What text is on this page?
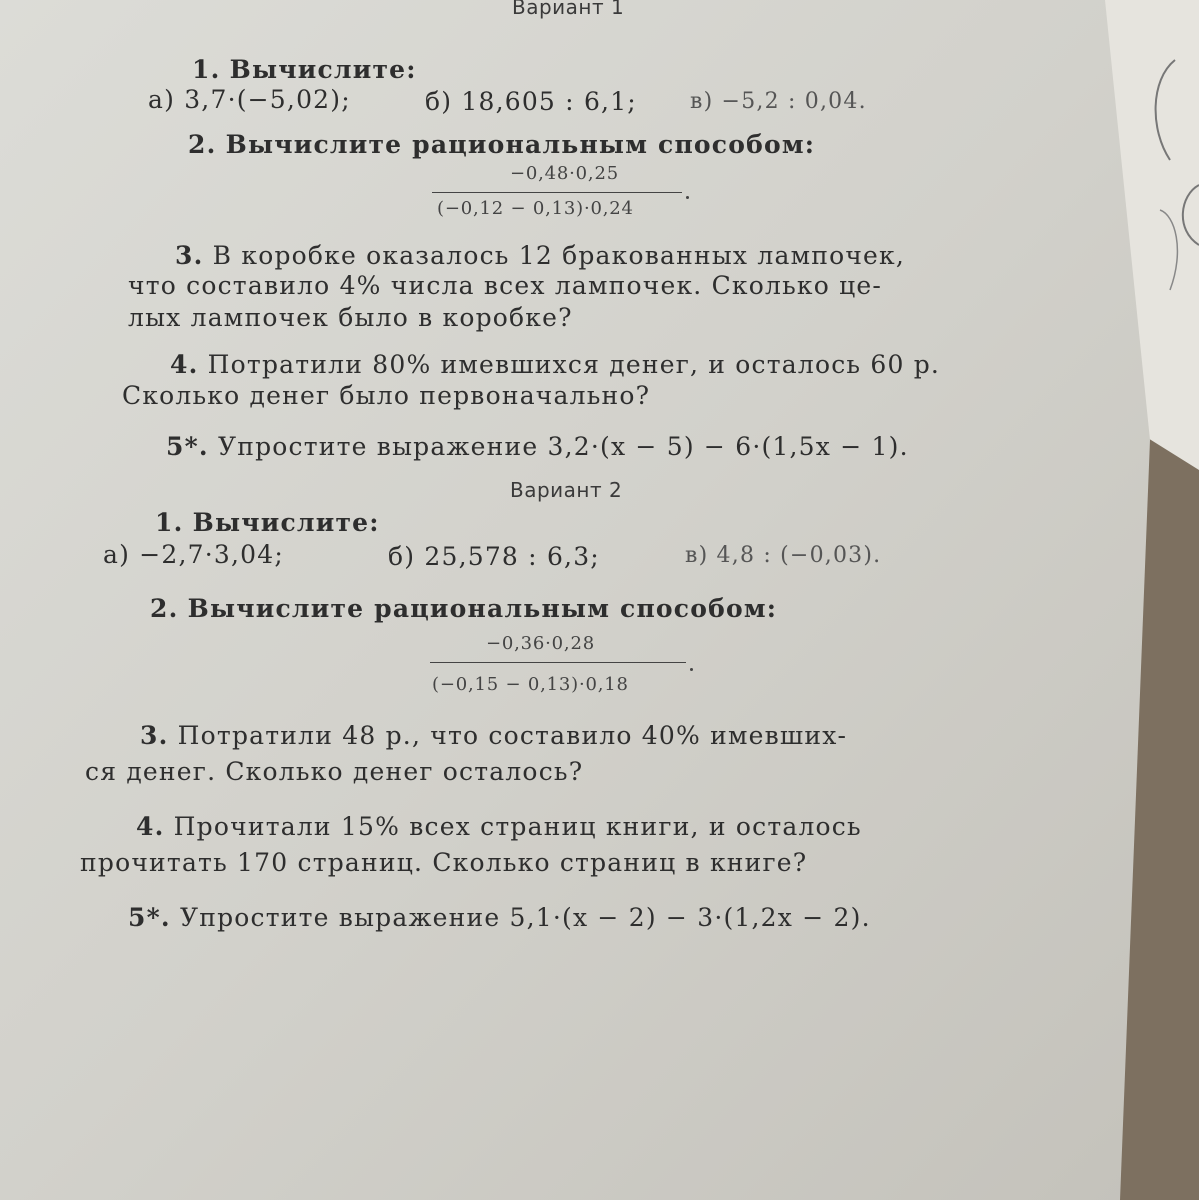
Вариант 1
1. Вычислите:
а) 3,7·(−5,02);	б) 18,605 : 6,1; в) −5,2 : 0,04.
2. Вычислите рациональным способом:
−0,48·0,25
(−0,12 − 0,13)·0,24
3. В коробке оказалось 12 бракованных лампочек,
что составило 4% числа всех лампочек. Сколько це-
лых лампочек было в коробке?
4. Потратили 80% имевшихся денег, и осталось 60 р.
Сколько денег было первоначально?
5*. Упростите выражение 3,2·(x − 5) − 6·(1,5x − 1).
Вариант 2
1. Вычислите:
а) −2,7·3,04;	б) 25,578 : 6,3;	в) 4,8 : (−0,03).
2. Вычислите рациональным способом:
−0,36·0,28
(−0,15 − 0,13)·0,18
3. Потратили 48 р., что составило 40% имевших-
ся денег. Сколько денег осталось?
4. Прочитали 15% всех страниц книги, и осталось
прочитать 170 страниц. Сколько страниц в книге?
5*. Упростите выражение 5,1·(x − 2) − 3·(1,2x − 2).
